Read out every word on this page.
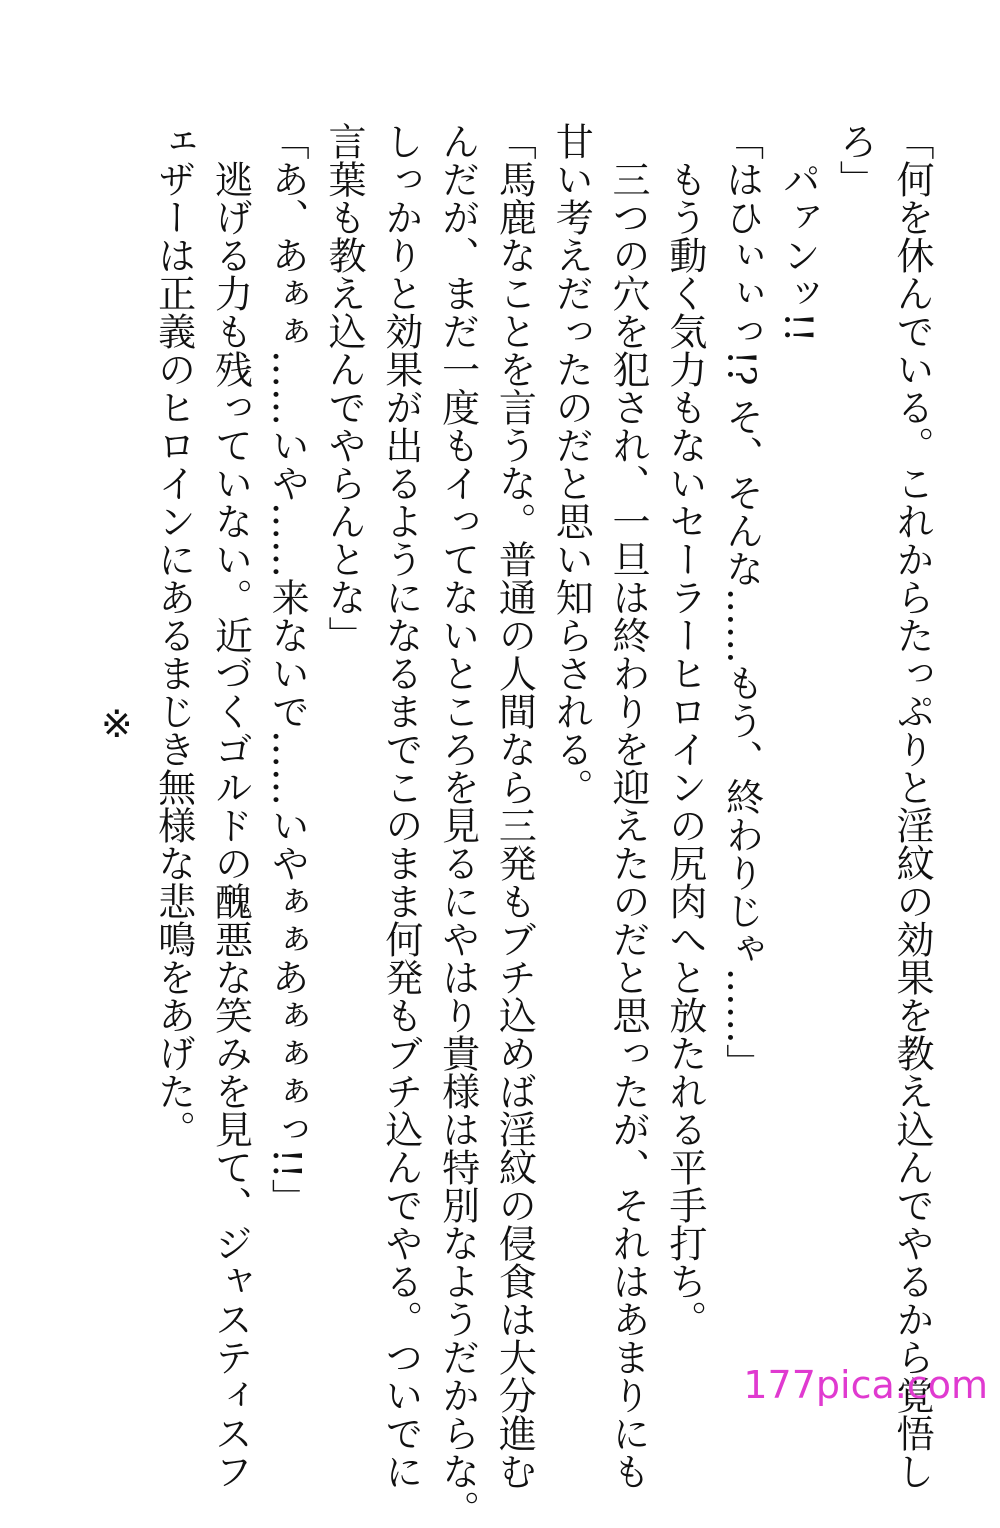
「何を休んでいる。これからたっぷりと淫紋の効果を教え込んでやるから覚悟し
ろ」
パァンッ!!
「はひぃぃっ!? そ、そんな……もう、終わりじゃ……」
もう動く気力もないセーラーヒロインの尻肉へと放たれる平手打ち。
三つの穴を犯され、一旦は終わりを迎えたのだと思ったが、それはあまりにも
甘い考えだったのだと思い知らされる。
「馬鹿なことを言うな。普通の人間なら三発もブチ込めば淫紋の侵食は大分進む
んだが、まだ一度もイってないところを見るにやはり貴様は特別なようだからな。
しっかりと効果が出るようになるまでこのまま何発もブチ込んでやる。ついでに
言葉も教え込んでやらんとな」
「あ、あぁぁ……いや……来ないで……いやぁぁあぁぁぁっ!!」
逃げる力も残っていない。近づくゴルドの醜悪な笑みを見て、ジャスティスフ
ェザーは正義のヒロインにあるまじき無様な悲鳴をあげた。
※
177pica.com
